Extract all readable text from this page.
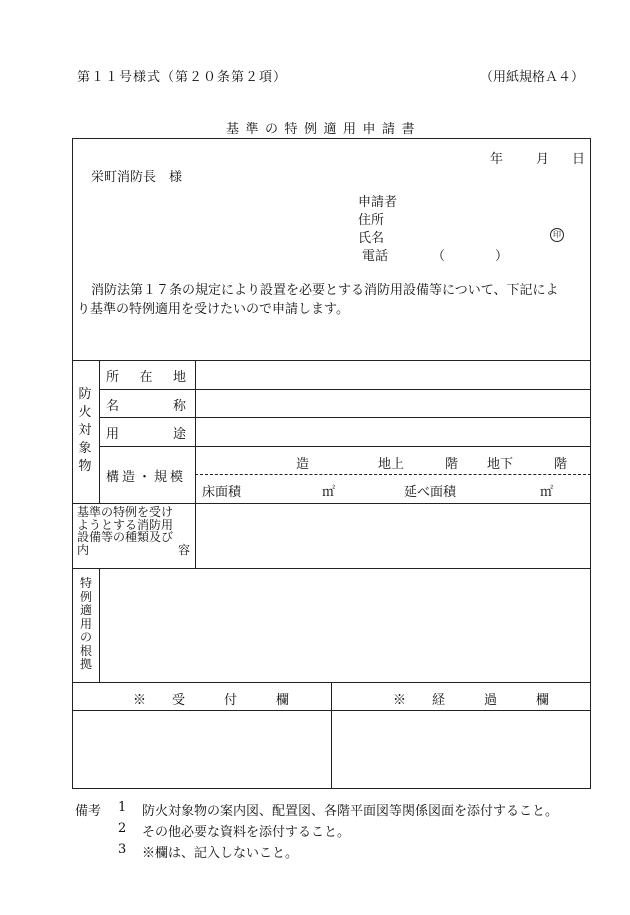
第１１号様式（第２０条第２項）	（用紙規格Ａ４）
基準の特例適用申請書
年	月 日
栄町消防長　様
申請者
住所
氏名	印
電話	（　　）
消防法第１７条の規定により設置を必要とする消防用設備等について、下記によ
り基準の特例適用を受けたいので申請します。
防火対象物
所 在 地
名	称
用	途
構造・規模
造	地上	階 地下	階
床面積	㎡	延べ面積	㎡
基準の特例を受け
ようとする消防用
設備等の種類及び
内	容
特例適用の根拠
※　　受　　　付　　　欄	※　　経　　　過　　　欄
備考 1 防火対象物の案内図、配置図、各階平面図等関係図面を添付すること。
2 その他必要な資料を添付すること。
3 ※欄は、記入しないこと。
